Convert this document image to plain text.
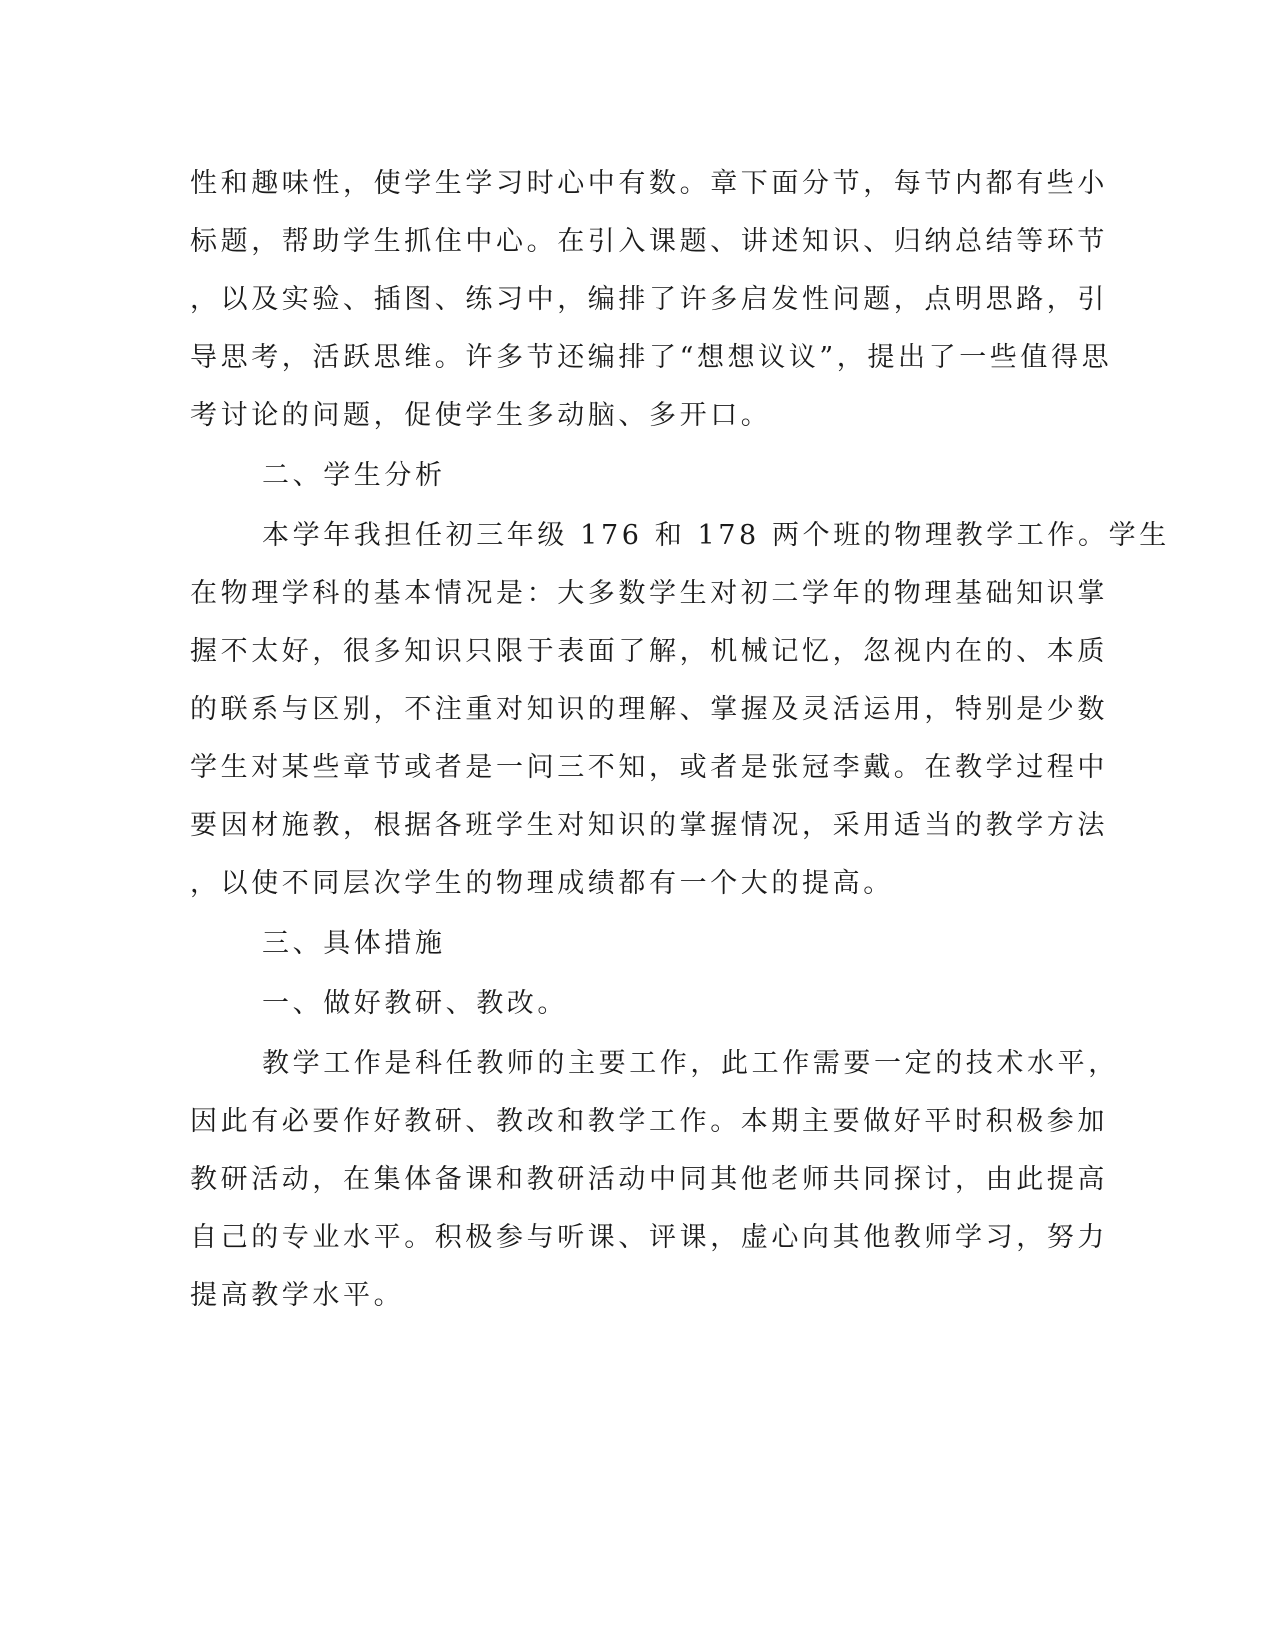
性和趣味性，使学生学习时心中有数。章下面分节，每节内都有些小
标题，帮助学生抓住中心。在引入课题、讲述知识、归纳总结等环节
，以及实验、插图、练习中，编排了许多启发性问题，点明思路，引
导思考，活跃思维。许多节还编排了“想想议议”，提出了一些值得思
考讨论的问题，促使学生多动脑、多开口。
二、学生分析
本学年我担任初三年级 176 和 178 两个班的物理教学工作。学生
在物理学科的基本情况是：大多数学生对初二学年的物理基础知识掌
握不太好，很多知识只限于表面了解，机械记忆，忽视内在的、本质
的联系与区别，不注重对知识的理解、掌握及灵活运用，特别是少数
学生对某些章节或者是一问三不知，或者是张冠李戴。在教学过程中
要因材施教，根据各班学生对知识的掌握情况，采用适当的教学方法
，以使不同层次学生的物理成绩都有一个大的提高。
三、具体措施
一、做好教研、教改。
教学工作是科任教师的主要工作，此工作需要一定的技术水平，
因此有必要作好教研、教改和教学工作。本期主要做好平时积极参加
教研活动，在集体备课和教研活动中同其他老师共同探讨，由此提高
自己的专业水平。积极参与听课、评课，虚心向其他教师学习，努力
提高教学水平。
